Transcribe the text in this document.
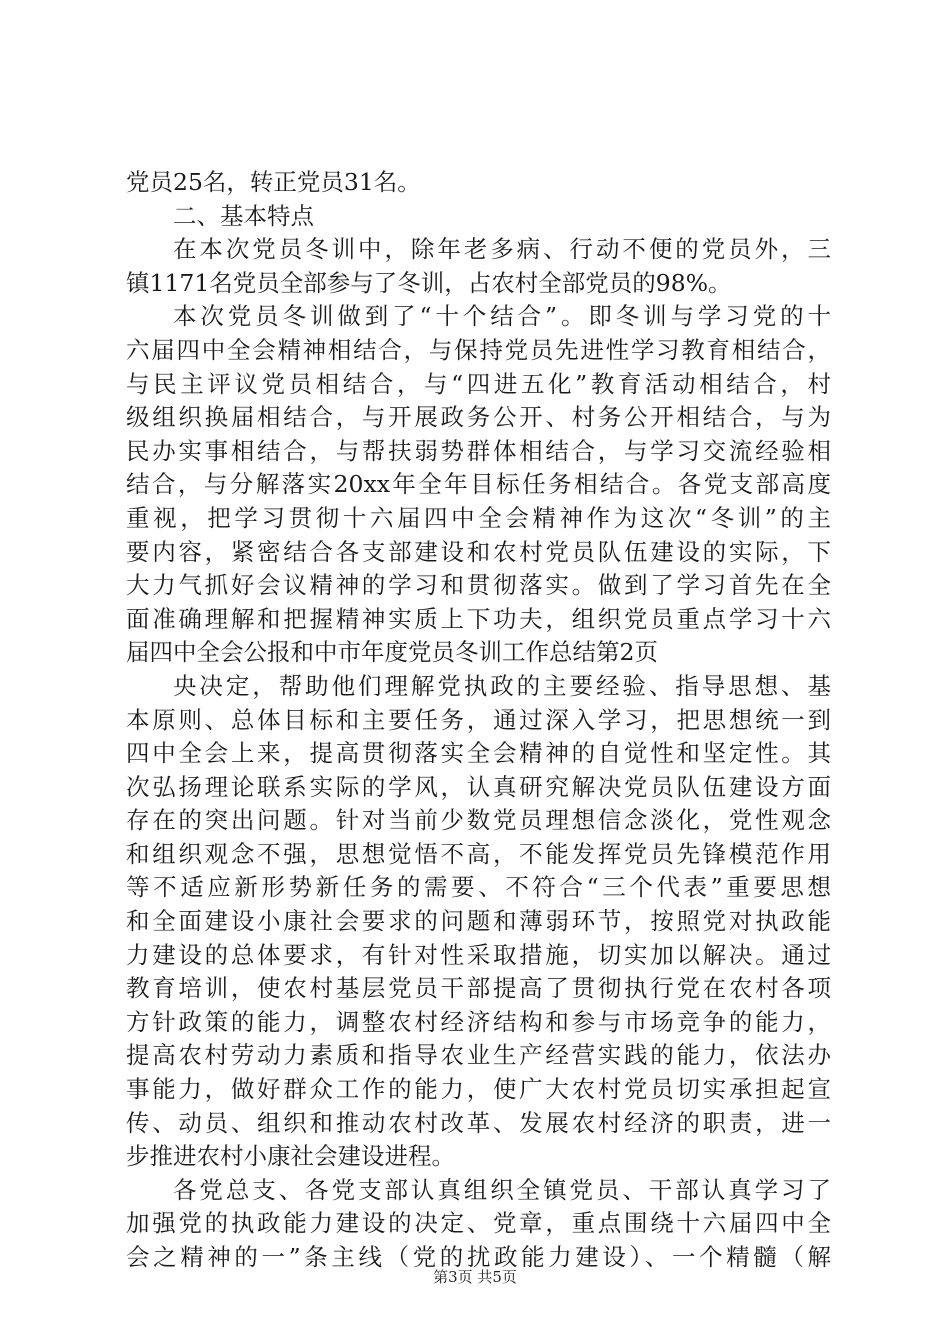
党员25名，转正党员31名。
二、基本特点
在本次党员冬训中，除年老多病、行动不便的党员外，三
镇1171名党员全部参与了冬训，占农村全部党员的98%。
本次党员冬训做到了“十个结合”。即冬训与学习党的十
六届四中全会精神相结合，与保持党员先进性学习教育相结合，
与民主评议党员相结合，与“四进五化”教育活动相结合，村
级组织换届相结合，与开展政务公开、村务公开相结合，与为
民办实事相结合，与帮扶弱势群体相结合，与学习交流经验相
结合，与分解落实20xx年全年目标任务相结合。各党支部高度
重视，把学习贯彻十六届四中全会精神作为这次“冬训”的主
要内容，紧密结合各支部建设和农村党员队伍建设的实际，下
大力气抓好会议精神的学习和贯彻落实。做到了学习首先在全
面准确理解和把握精神实质上下功夫，组织党员重点学习十六
届四中全会公报和中市年度党员冬训工作总结第2页
央决定，帮助他们理解党执政的主要经验、指导思想、基
本原则、总体目标和主要任务，通过深入学习，把思想统一到
四中全会上来，提高贯彻落实全会精神的自觉性和坚定性。其
次弘扬理论联系实际的学风，认真研究解决党员队伍建设方面
存在的突出问题。针对当前少数党员理想信念淡化，党性观念
和组织观念不强，思想觉悟不高，不能发挥党员先锋模范作用
等不适应新形势新任务的需要、不符合“三个代表”重要思想
和全面建设小康社会要求的问题和薄弱环节，按照党对执政能
力建设的总体要求，有针对性采取措施，切实加以解决。通过
教育培训，使农村基层党员干部提高了贯彻执行党在农村各项
方针政策的能力，调整农村经济结构和参与市场竞争的能力，
提高农村劳动力素质和指导农业生产经营实践的能力，依法办
事能力，做好群众工作的能力，使广大农村党员切实承担起宣
传、动员、组织和推动农村改革、发展农村经济的职责，进一
步推进农村小康社会建设进程。
各党总支、各党支部认真组织全镇党员、干部认真学习了
加强党的执政能力建设的决定、党章，重点围绕十六届四中全
会之精神的一”条主线（党的扰政能力建设）、一个精髓（解
第3页 共5页
